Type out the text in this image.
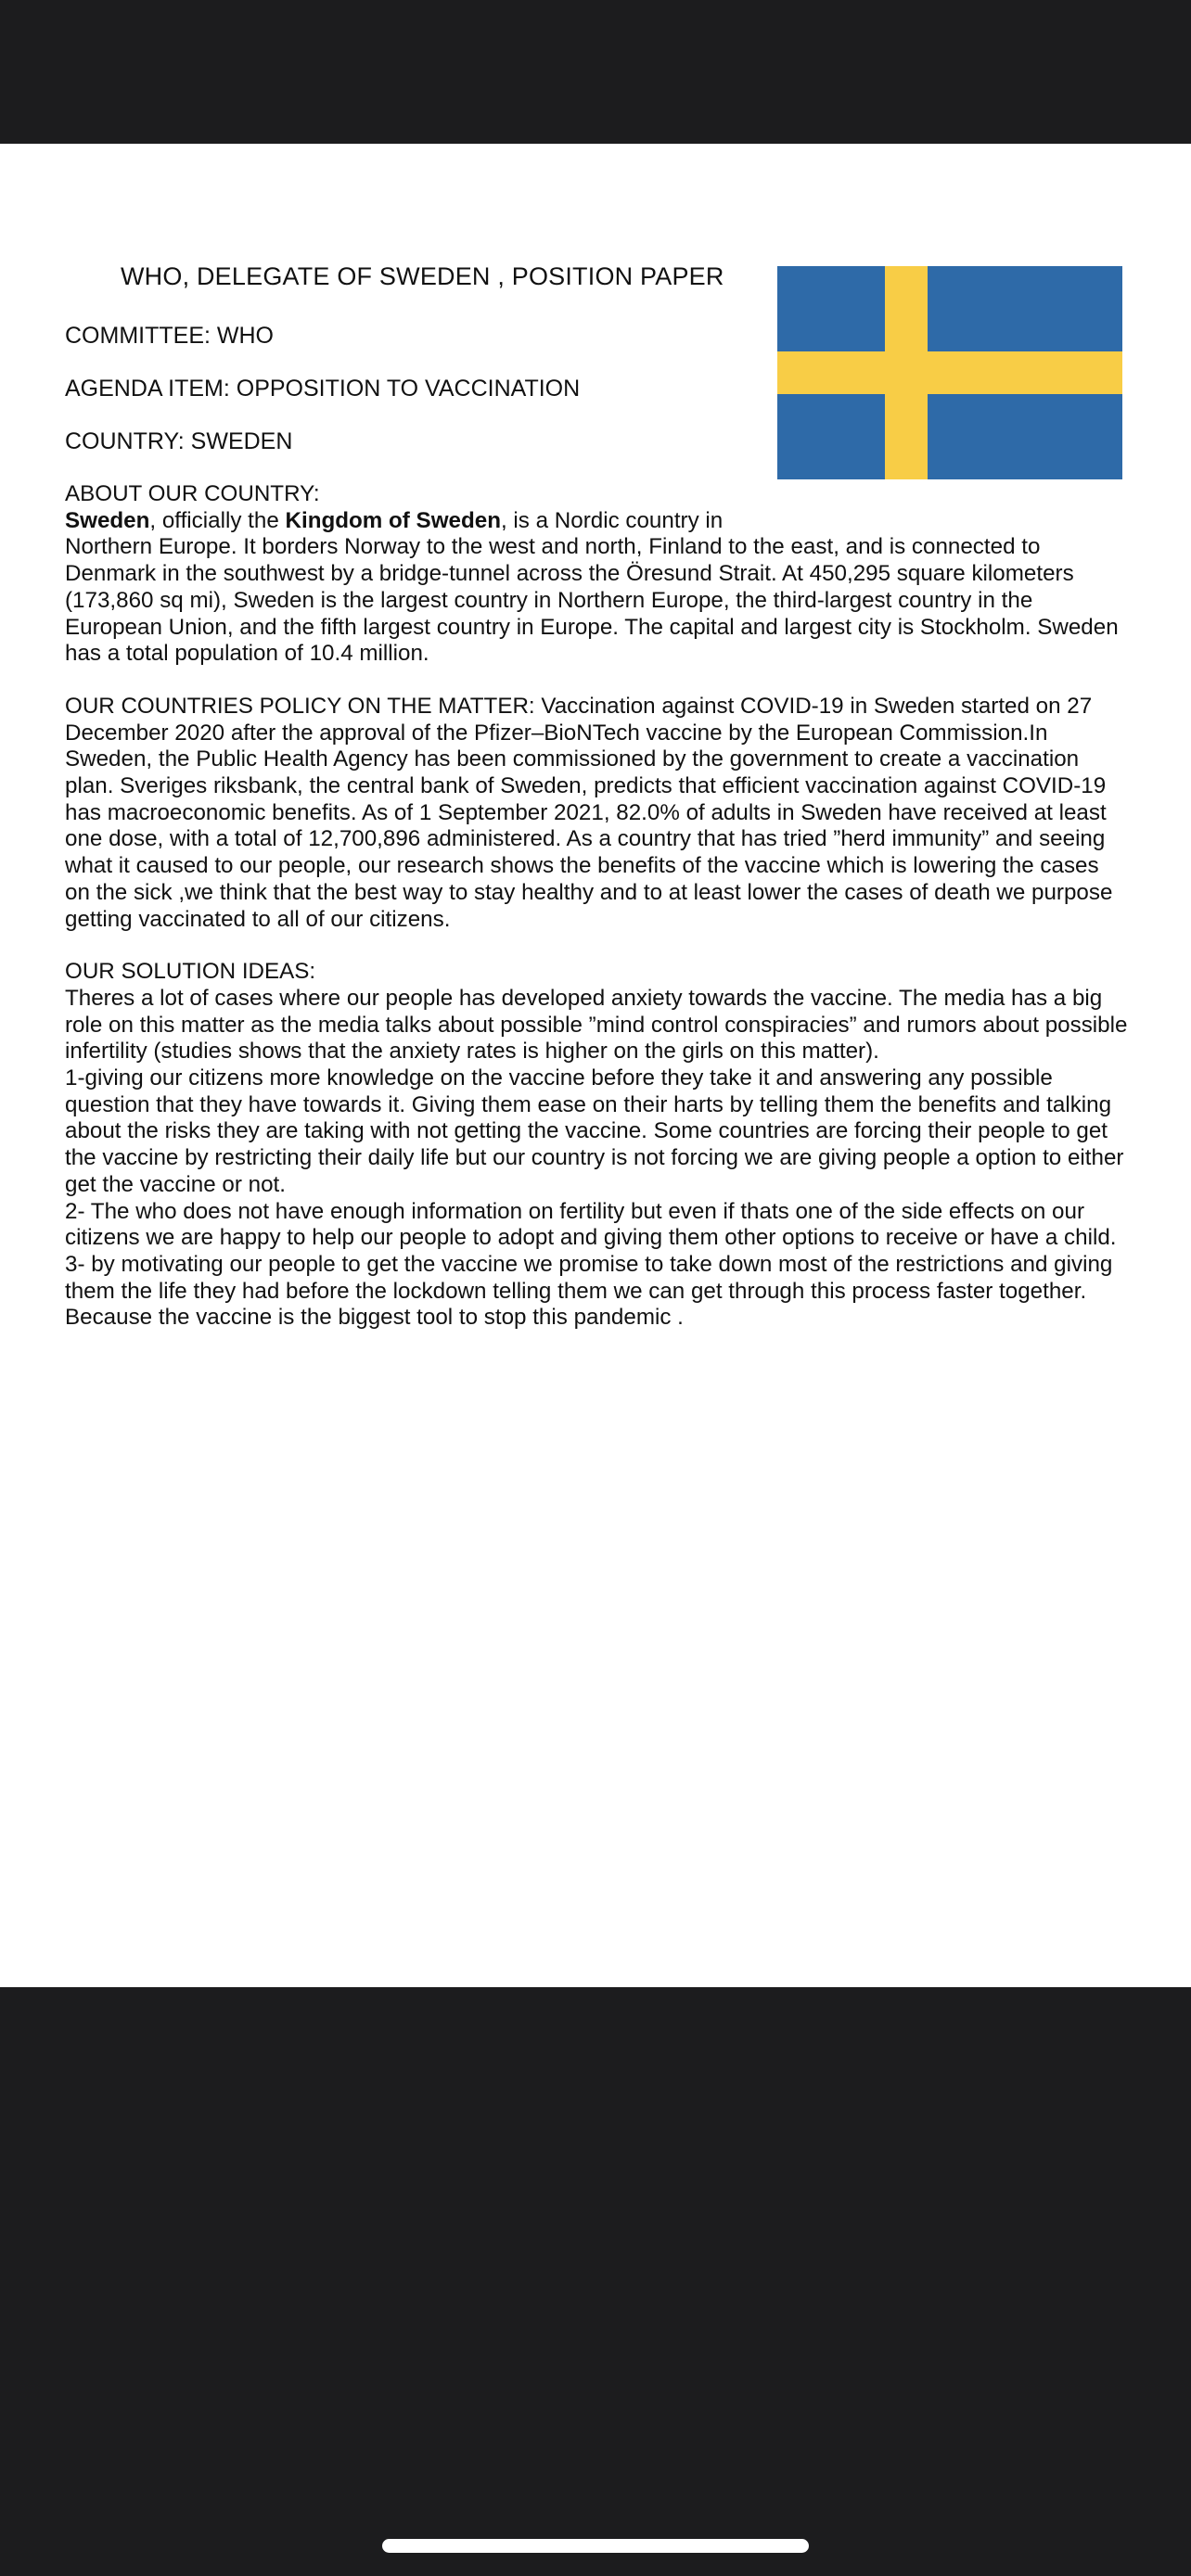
WHO, DELEGATE OF SWEDEN , POSITION PAPER

COMMITTEE: WHO

AGENDA ITEM: OPPOSITION TO VACCINATION

COUNTRY: SWEDEN

ABOUT OUR COUNTRY:

Sweden, officially the Kingdom of Sweden, is a Nordic country in

Northern Europe. It borders Norway to the west and north, Finland to the east, and is connected to Denmark in the southwest by a bridge-tunnel across the Öresund Strait. At 450,295 square kilometers (173,860 sq mi), Sweden is the largest country in Northern Europe, the third-largest country in the European Union, and the fifth largest country in Europe. The capital and largest city is Stockholm. Sweden has a total population of 10.4 million.

OUR COUNTRIES POLICY ON THE MATTER: Vaccination against COVID-19 in Sweden started on 27 December 2020 after the approval of the Pfizer–BioNTech vaccine by the European Commission.In Sweden, the Public Health Agency has been commissioned by the government to create a vaccination plan. Sveriges riksbank, the central bank of Sweden, predicts that efficient vaccination against COVID-19 has macroeconomic benefits. As of 1 September 2021, 82.0% of adults in Sweden have received at least one dose, with a total of 12,700,896 administered. As a country that has tried ”herd immunity” and seeing what it caused to our people, our research shows the benefits of the vaccine which is lowering the cases on the sick ,we think that the best way to stay healthy and to at least lower the cases of death we purpose getting vaccinated to all of our citizens.

OUR SOLUTION IDEAS:

Theres a lot of cases where our people has developed anxiety towards the vaccine. The media has a big role on this matter as the media talks about possible ”mind control conspiracies” and rumors about possible infertility (studies shows that the anxiety rates is higher on the girls on this matter).

1-giving our citizens more knowledge on the vaccine before they take it and answering any possible question that they have towards it. Giving them ease on their harts by telling them the benefits and talking about the risks they are taking with not getting the vaccine. Some countries are forcing their people to get the vaccine by restricting their daily life but our country is not forcing we are giving people a option to either get the vaccine or not.

2- The who does not have enough information on fertility but even if thats one of the side effects on our citizens we are happy to help our people to adopt and giving them other options to receive or have a child.

3- by motivating our people to get the vaccine we promise to take down most of the restrictions and giving them the life they had before the lockdown telling them we can get through this process faster together.

Because the vaccine is the biggest tool to stop this pandemic .
